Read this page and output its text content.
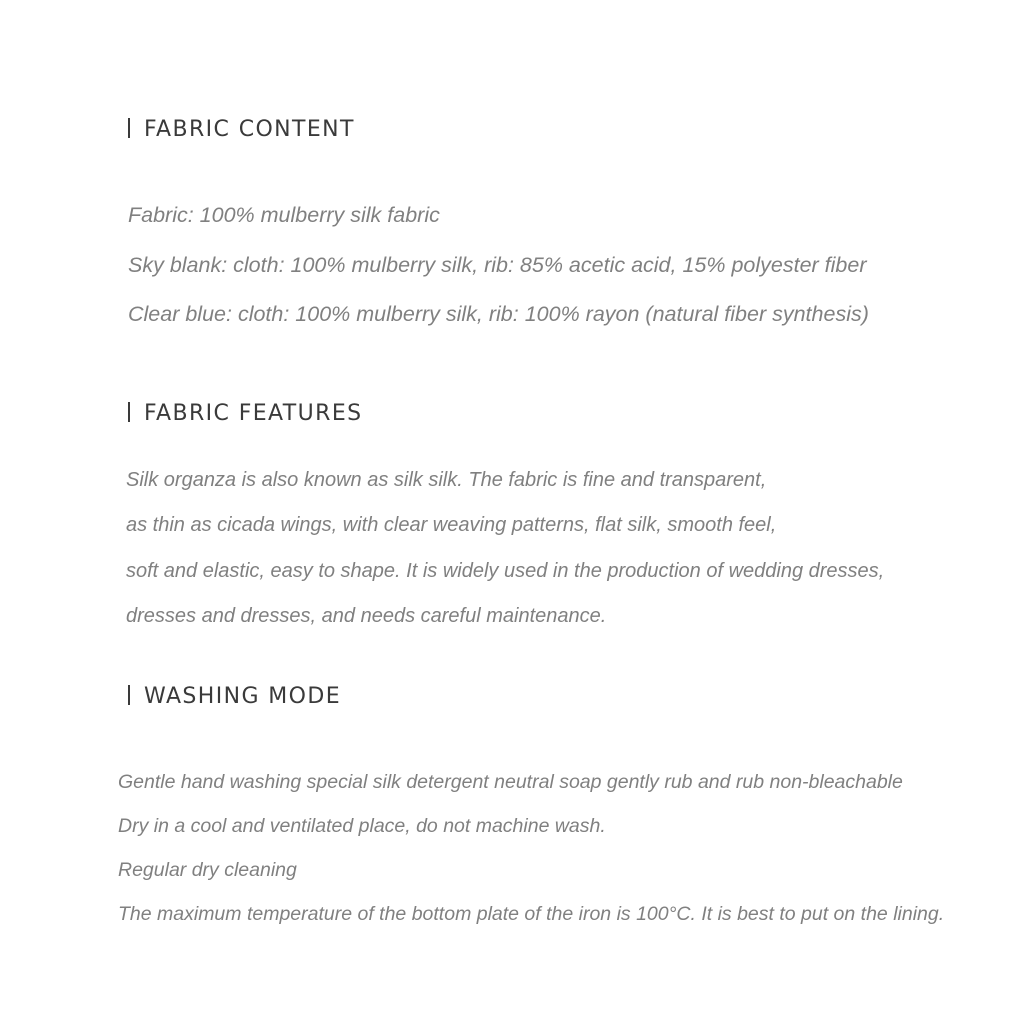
FABRIC CONTENT

Fabric: 100% mulberry silk fabric

Sky blank: cloth: 100% mulberry silk, rib: 85% acetic acid, 15% polyester fiber

Clear blue: cloth: 100% mulberry silk, rib: 100% rayon (natural fiber synthesis)

FABRIC FEATURES

Silk organza is also known as silk silk. The fabric is fine and transparent,

as thin as cicada wings, with clear weaving patterns, flat silk, smooth feel,

soft and elastic, easy to shape. It is widely used in the production of wedding dresses,

dresses and dresses, and needs careful maintenance.

WASHING MODE

Gentle hand washing special silk detergent neutral soap gently rub and rub non-bleachable

Dry in a cool and ventilated place, do not machine wash.

Regular dry cleaning

The maximum temperature of the bottom plate of the iron is 100°C. It is best to put on the lining.
